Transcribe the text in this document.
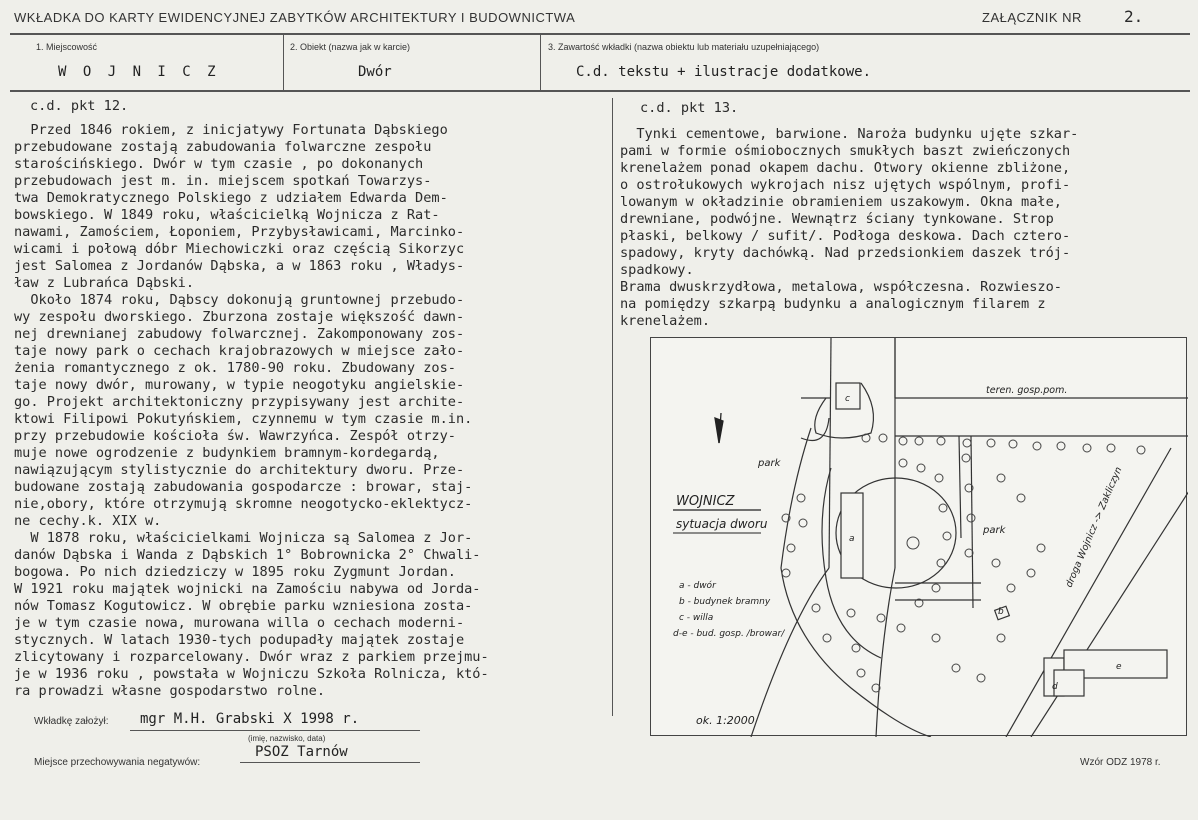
WKŁADKA DO KARTY EWIDENCYJNEJ ZABYTKÓW ARCHITEKTURY I BUDOWNICTWA	ZAŁĄCZNIK NR	2.
1. Miejscowość
W O J N I C Z
2. Obiekt (nazwa jak w karcie)
Dwór
3. Zawartość wkładki (nazwa obiektu lub materiału uzupełniającego)
C.d. tekstu + ilustracje dodatkowe.
c.d. pkt 12.
Przed 1846 rokiem, z inicjatywy Fortunata Dąbskiego
przebudowane zostają zabudowania folwarczne zespołu
starościńskiego. Dwór w tym czasie , po dokonanych
przebudowach jest m. in. miejscem spotkań Towarzys-
twa Demokratycznego Polskiego z udziałem Edwarda Dem-
bowskiego. W 1849 roku, właścicielką Wojnicza z Rat-
nawami, Zamościem, Łoponiem, Przybysławicami, Marcinko-
wicami i połową dóbr Miechowiczki oraz częścią Sikorzyc
jest Salomea z Jordanów Dąbska, a w 1863 roku , Władys-
ław z Lubrańca Dąbski.
Około 1874 roku, Dąbscy dokonują gruntownej przebudo-
wy zespołu dworskiego. Zburzona zostaje większość dawn-
nej drewnianej zabudowy folwarcznej. Zakomponowany zos-
taje nowy park o cechach krajobrazowych w miejsce zało-
żenia romantycznego z ok. 1780-90 roku. Zbudowany zos-
taje nowy dwór, murowany, w typie neogotyku angielskie-
go. Projekt architektoniczny przypisywany jest archite-
ktowi Filipowi Pokutyńskiem, czynnemu w tym czasie m.in.
przy przebudowie kościoła św. Wawrzyńca. Zespół otrzy-
muje nowe ogrodzenie z budynkiem bramnym-kordegardą,
nawiązującym stylistycznie do architektury dworu. Prze-
budowane zostają zabudowania gospodarcze : browar, staj-
nie,obory, które otrzymują skromne neogotycko-eklektycz-
ne cechy.k. XIX w.
W 1878 roku, właścicielkami Wojnicza są Salomea z Jor-
danów Dąbska i Wanda z Dąbskich 1° Bobrownicka 2° Chwali-
bogowa. Po nich dziedziczy w 1895 roku Zygmunt Jordan.
W 1921 roku majątek wojnicki na Zamościu nabywa od Jorda-
nów Tomasz Kogutowicz. W obrębie parku wzniesiona zosta-
je w tym czasie nowa, murowana willa o cechach moderni-
stycznych. W latach 1930-tych podupadły majątek zostaje
zlicytowany i rozparcelowany. Dwór wraz z parkiem przejmu-
je w 1936 roku , powstała w Wojniczu Szkoła Rolnicza, któ-
ra prowadzi własne gospodarstwo rolne.
c.d. pkt 13.
Tynki cementowe, barwione. Naroża budynku ujęte szkar-
pami w formie ośmiobocznych smukłych baszt zwieńczonych
krenelażem ponad okapem dachu. Otwory okienne zbliżone,
o ostrołukowych wykrojach nisz ujętych wspólnym, profi-
lowanym w okładzinie obramieniem uszakowym. Okna małe,
drewniane, podwójne. Wewnątrz ściany tynkowane. Strop
płaski, belkowy / sufit/. Podłoga deskowa. Dach cztero-
spadowy, kryty dachówką. Nad przedsionkiem daszek trój-
spadkowy.
Brama dwuskrzydłowa, metalowa, współczesna. Rozwieszo-
na pomiędzy szkarpą budynku a analogicznym filarem z
krenelażem.
WOJNICZ
sytuacja dworu
teren. gosp.pom.
park
park	droga Wojnicz -> Zakliczyn
a
b
c
d
e
a - dwór
b - budynek bramny
c - willa
d-e - bud. gosp. /browar/
ok. 1:2000
Wkładkę założył: mgr M.H. Grabski X 1998 r.
(imię, nazwisko, data)
Miejsce przechowywania negatywów:
PSOZ Tarnów
Wzór ODZ 1978 r.
